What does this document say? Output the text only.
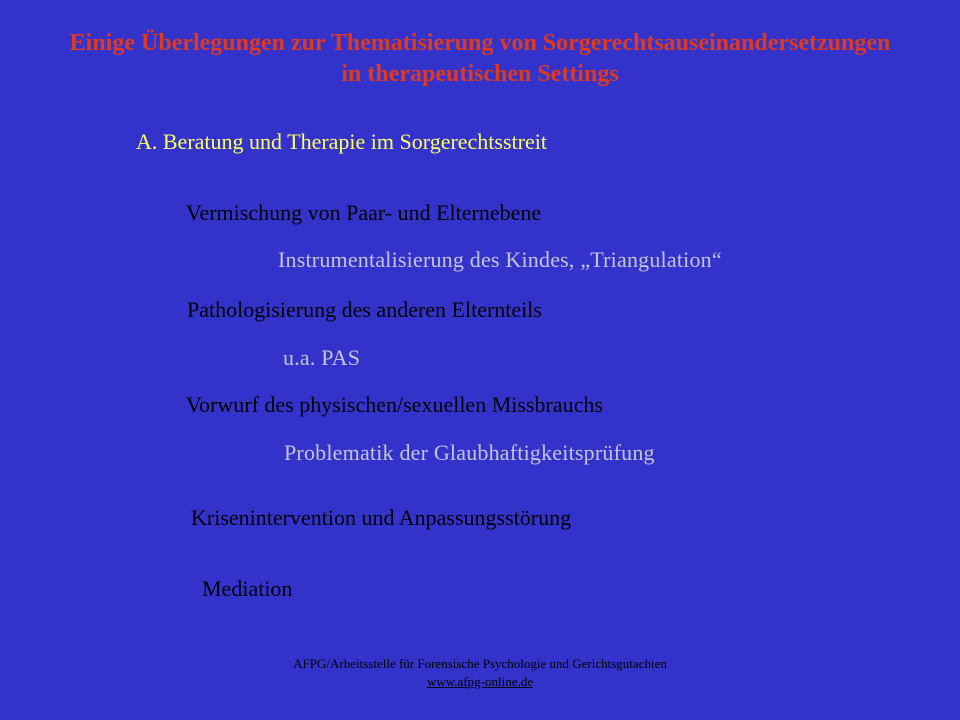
Einige Überlegungen zur Thematisierung von Sorgerechtsauseinandersetzungen
in therapeutischen Settings
A. Beratung und Therapie im Sorgerechtsstreit
Vermischung von Paar- und Elternebene
Instrumentalisierung des Kindes, „Triangulation“
Pathologisierung des anderen Elternteils
u.a. PAS
Vorwurf des physischen/sexuellen Missbrauchs
Problematik der Glaubhaftigkeitsprüfung
Krisenintervention und Anpassungsstörung
Mediation
AFPG/Arbeitsstelle für Forensische Psychologie und Gerichtsgutachten
www.afpg-online.de
